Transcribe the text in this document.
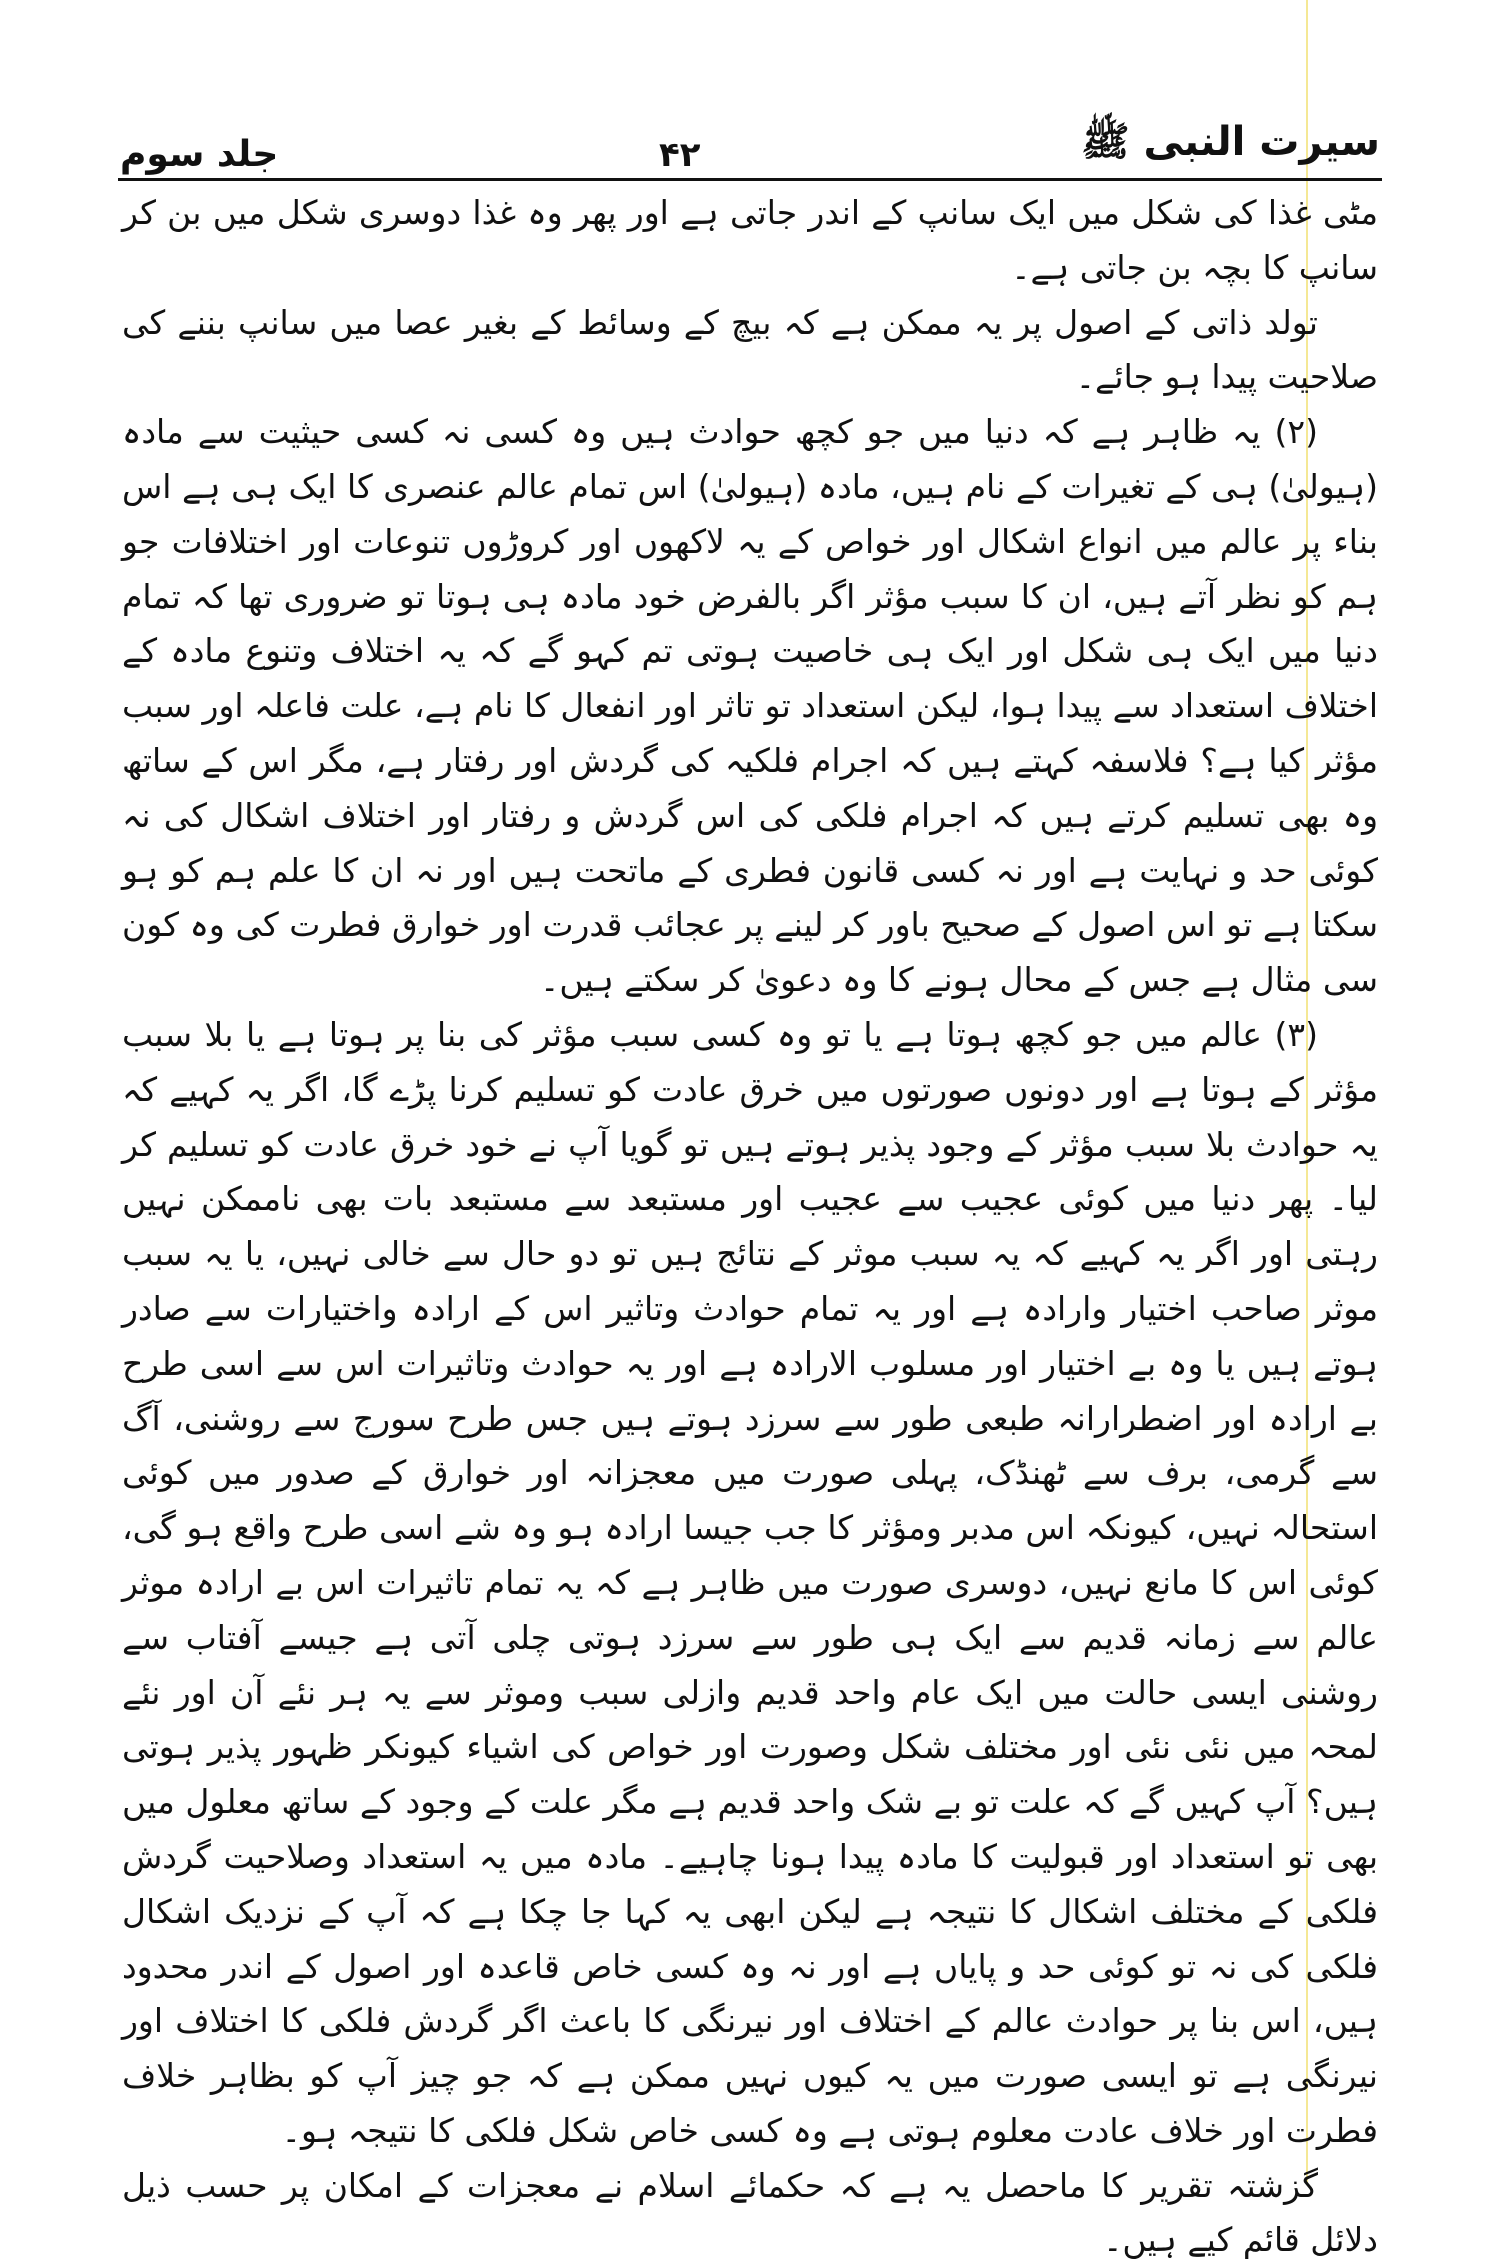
سیرت النبی ﷺ
۴۲
جلد سوم

مٹی غذا کی شکل میں ایک سانپ کے اندر جاتی ہے اور پھر وہ غذا دوسری شکل میں بن کر سانپ کا بچہ بن جاتی ہے۔

تولد ذاتی کے اصول پر یہ ممکن ہے کہ بیچ کے وسائط کے بغیر عصا میں سانپ بننے کی صلاحیت پیدا ہو جائے۔

(۲) یہ ظاہر ہے کہ دنیا میں جو کچھ حوادث ہیں وہ کسی نہ کسی حیثیت سے مادہ (ہیولیٰ) ہی کے تغیرات کے نام ہیں، مادہ (ہیولیٰ) اس تمام عالم عنصری کا ایک ہی ہے اس بناء پر عالم میں انواع اشکال اور خواص کے یہ لاکھوں اور کروڑوں تنوعات اور اختلافات جو ہم کو نظر آتے ہیں، ان کا سبب مؤثر اگر بالفرض خود مادہ ہی ہوتا تو ضروری تھا کہ تمام دنیا میں ایک ہی شکل اور ایک ہی خاصیت ہوتی تم کہو گے کہ یہ اختلاف وتنوع مادہ کے اختلاف استعداد سے پیدا ہوا، لیکن استعداد تو تاثر اور انفعال کا نام ہے، علت فاعلہ اور سبب مؤثر کیا ہے؟ فلاسفہ کہتے ہیں کہ اجرام فلکیہ کی گردش اور رفتار ہے، مگر اس کے ساتھ وہ بھی تسلیم کرتے ہیں کہ اجرام فلکی کی اس گردش و رفتار اور اختلاف اشکال کی نہ کوئی حد و نہایت ہے اور نہ کسی قانون فطری کے ماتحت ہیں اور نہ ان کا علم ہم کو ہو سکتا ہے تو اس اصول کے صحیح باور کر لینے پر عجائب قدرت اور خوارق فطرت کی وہ کون سی مثال ہے جس کے محال ہونے کا وہ دعویٰ کر سکتے ہیں۔

(۳) عالم میں جو کچھ ہوتا ہے یا تو وہ کسی سبب مؤثر کی بنا پر ہوتا ہے یا بلا سبب مؤثر کے ہوتا ہے اور دونوں صورتوں میں خرق عادت کو تسلیم کرنا پڑے گا، اگر یہ کہیے کہ یہ حوادث بلا سبب مؤثر کے وجود پذیر ہوتے ہیں تو گویا آپ نے خود خرق عادت کو تسلیم کر لیا۔ پھر دنیا میں کوئی عجیب سے عجیب اور مستبعد سے مستبعد بات بھی ناممکن نہیں رہتی اور اگر یہ کہیے کہ یہ سبب موثر کے نتائج ہیں تو دو حال سے خالی نہیں، یا یہ سبب موثر صاحب اختیار وارادہ ہے اور یہ تمام حوادث وتاثیر اس کے ارادہ واختیارات سے صادر ہوتے ہیں یا وہ بے اختیار اور مسلوب الارادہ ہے اور یہ حوادث وتاثیرات اس سے اسی طرح بے ارادہ اور اضطرارانہ طبعی طور سے سرزد ہوتے ہیں جس طرح سورج سے روشنی، آگ سے گرمی، برف سے ٹھنڈک، پہلی صورت میں معجزانہ اور خوارق کے صدور میں کوئی استحالہ نہیں، کیونکہ اس مدبر ومؤثر کا جب جیسا ارادہ ہو وہ شے اسی طرح واقع ہو گی، کوئی اس کا مانع نہیں، دوسری صورت میں ظاہر ہے کہ یہ تمام تاثیرات اس بے ارادہ موثر عالم سے زمانہ قدیم سے ایک ہی طور سے سرزد ہوتی چلی آتی ہے جیسے آفتاب سے روشنی ایسی حالت میں ایک عام واحد قدیم وازلی سبب وموثر سے یہ ہر نئے آن اور نئے لمحہ میں نئی نئی اور مختلف شکل وصورت اور خواص کی اشیاء کیونکر ظہور پذیر ہوتی ہیں؟ آپ کہیں گے کہ علت تو بے شک واحد قدیم ہے مگر علت کے وجود کے ساتھ معلول میں بھی تو استعداد اور قبولیت کا مادہ پیدا ہونا چاہیے۔ مادہ میں یہ استعداد وصلاحیت گردش فلکی کے مختلف اشکال کا نتیجہ ہے لیکن ابھی یہ کہا جا چکا ہے کہ آپ کے نزدیک اشکال فلکی کی نہ تو کوئی حد و پایاں ہے اور نہ وہ کسی خاص قاعدہ اور اصول کے اندر محدود ہیں، اس بنا پر حوادث عالم کے اختلاف اور نیرنگی کا باعث اگر گردش فلکی کا اختلاف اور نیرنگی ہے تو ایسی صورت میں یہ کیوں نہیں ممکن ہے کہ جو چیز آپ کو بظاہر خلاف فطرت اور خلاف عادت معلوم ہوتی ہے وہ کسی خاص شکل فلکی کا نتیجہ ہو۔

گزشتہ تقریر کا ماحصل یہ ہے کہ حکمائے اسلام نے معجزات کے امکان پر حسب ذیل دلائل قائم کیے ہیں۔
